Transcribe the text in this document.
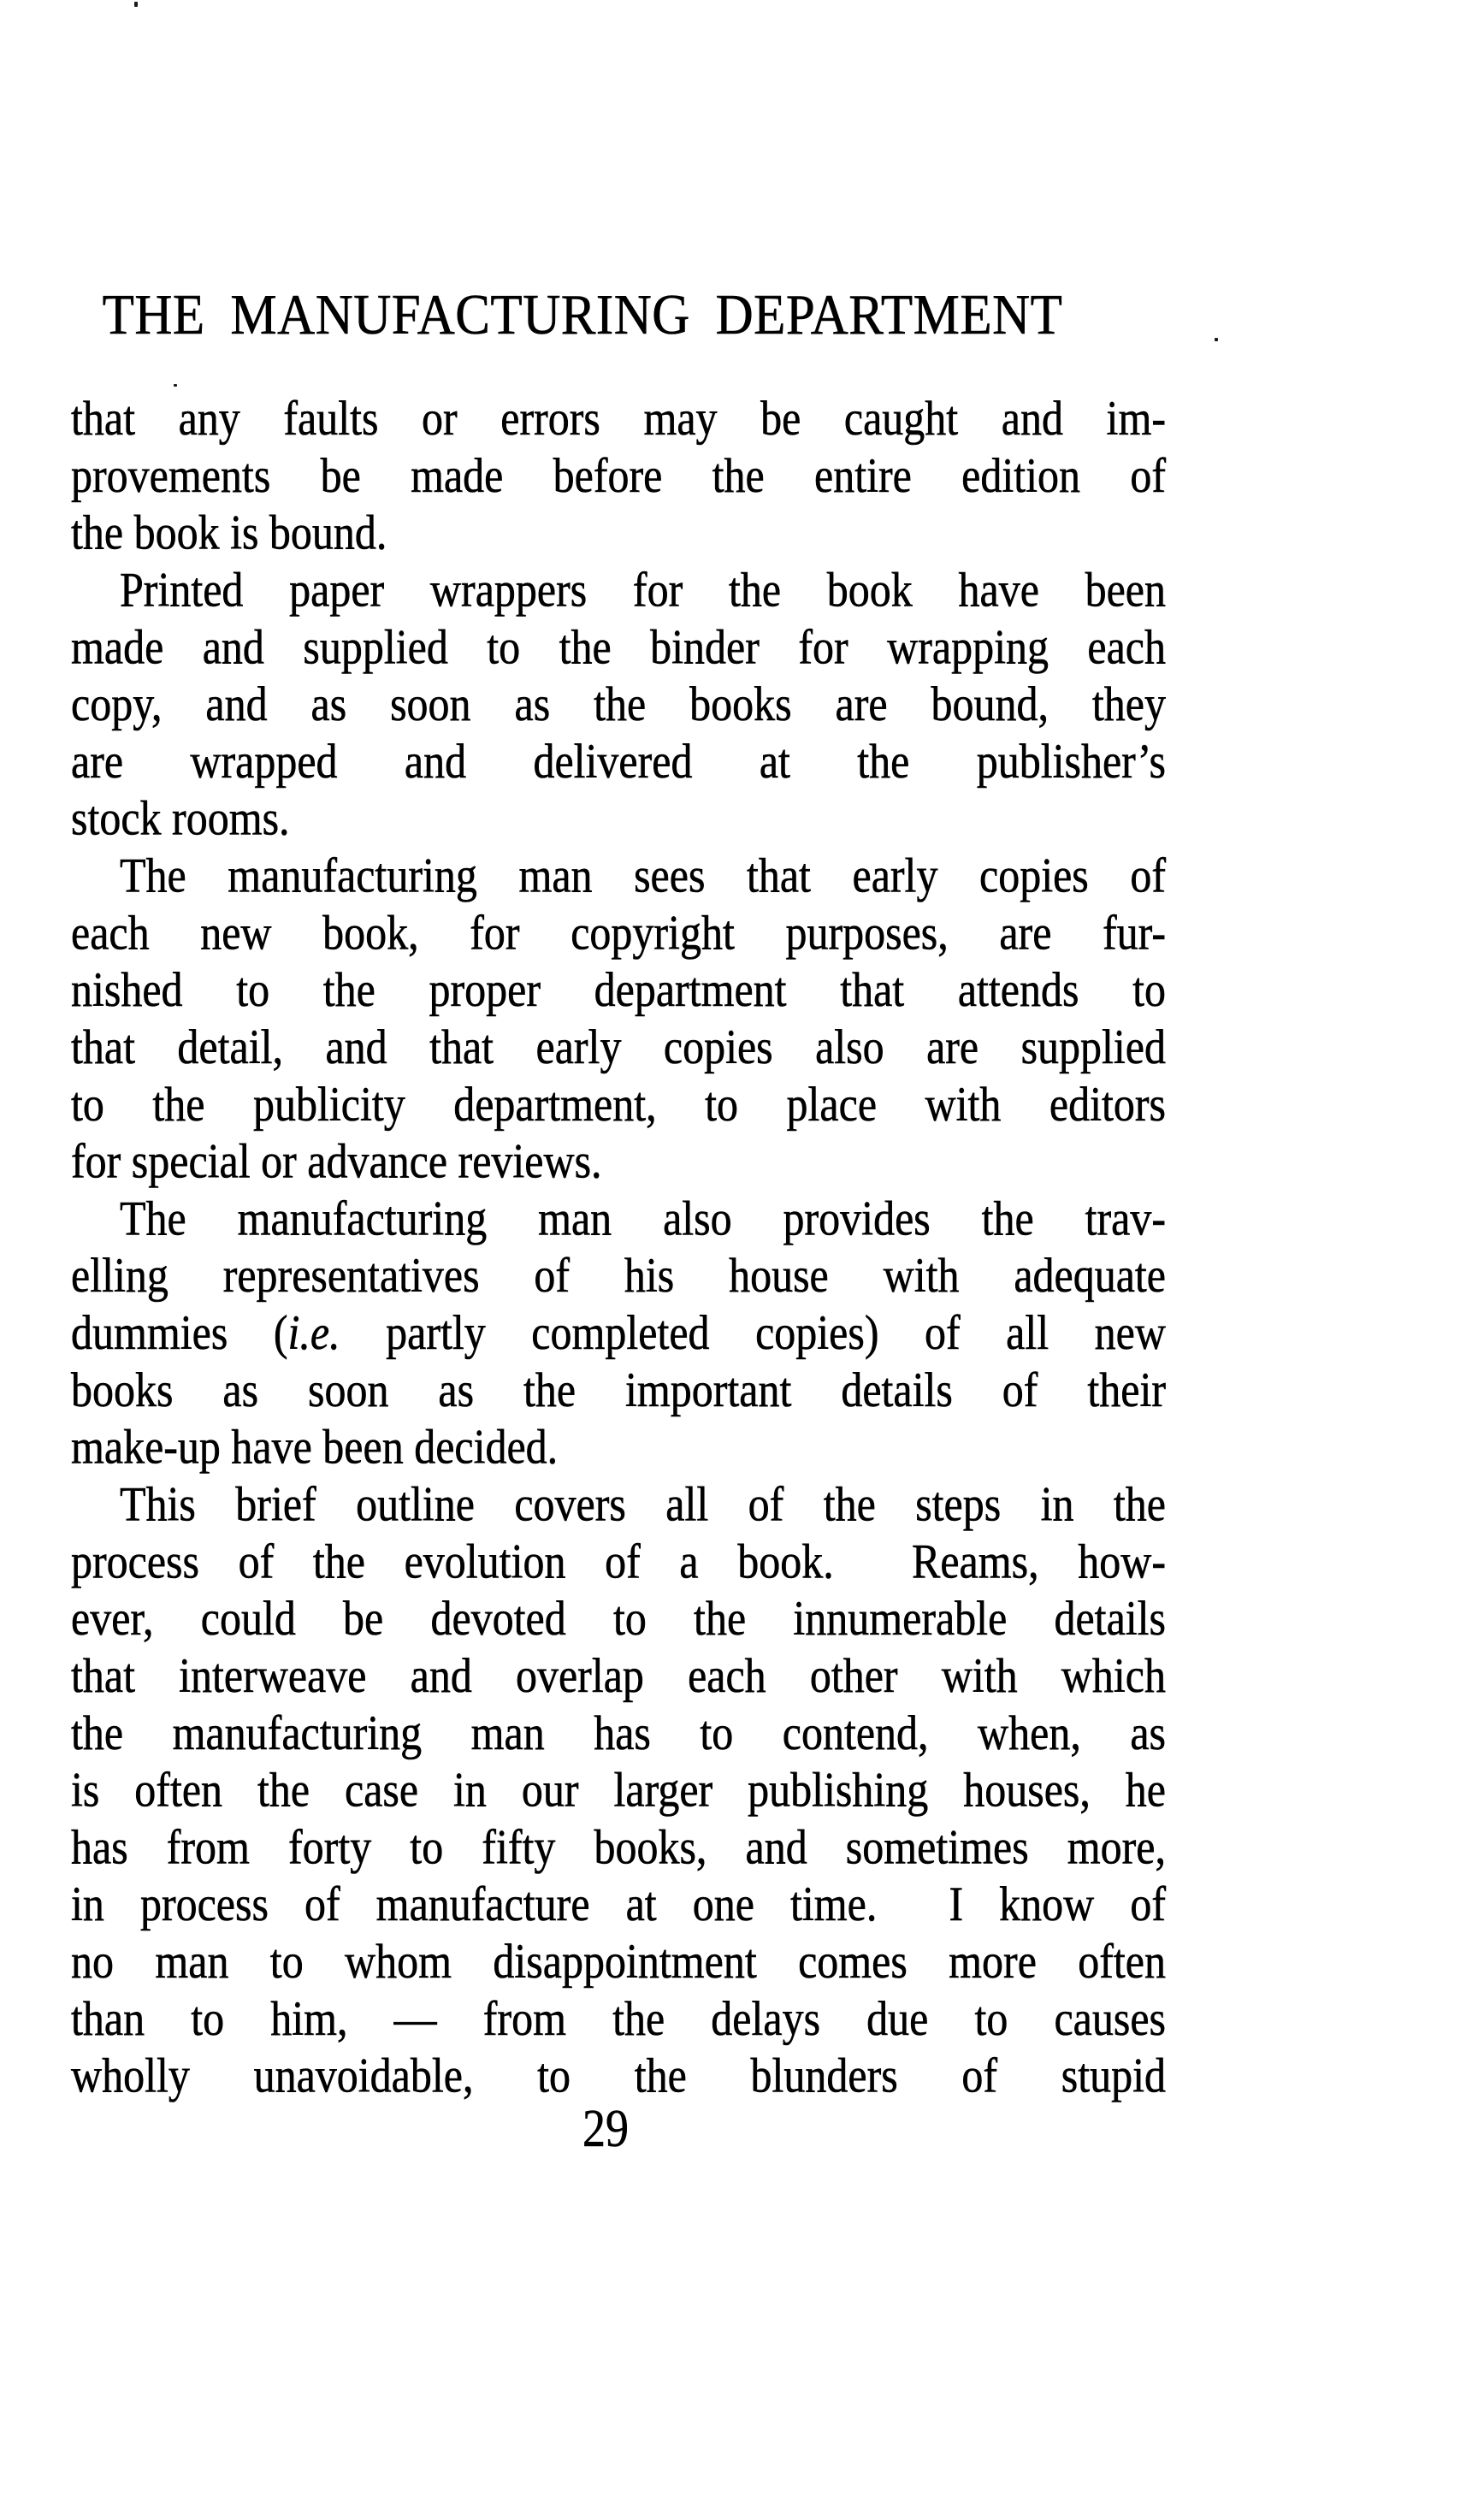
THE MANUFACTURING DEPARTMENT
that any faults or errors may be caught and im-
provements be made before the entire edition of
the book is bound.
Printed paper wrappers for the book have been
made and supplied to the binder for wrapping each
copy, and as soon as the books are bound, they
are wrapped and delivered at the publisher’s
stock rooms.
The manufacturing man sees that early copies of
each new book, for copyright purposes, are fur-
nished to the proper department that attends to
that detail, and that early copies also are supplied
to the publicity department, to place with editors
for special or advance reviews.
The manufacturing man also provides the trav-
elling representatives of his house with adequate
dummies (i.e. partly completed copies) of all new
books as soon as the important details of their
make-up have been decided.
This brief outline covers all of the steps in the
process of the evolution of a book.  Reams, how-
ever, could be devoted to the innumerable details
that interweave and overlap each other with which
the manufacturing man has to contend, when, as
is often the case in our larger publishing houses, he
has from forty to fifty books, and sometimes more,
in process of manufacture at one time.  I know of
no man to whom disappointment comes more often
than to him, — from the delays due to causes
wholly unavoidable, to the blunders of stupid
29
